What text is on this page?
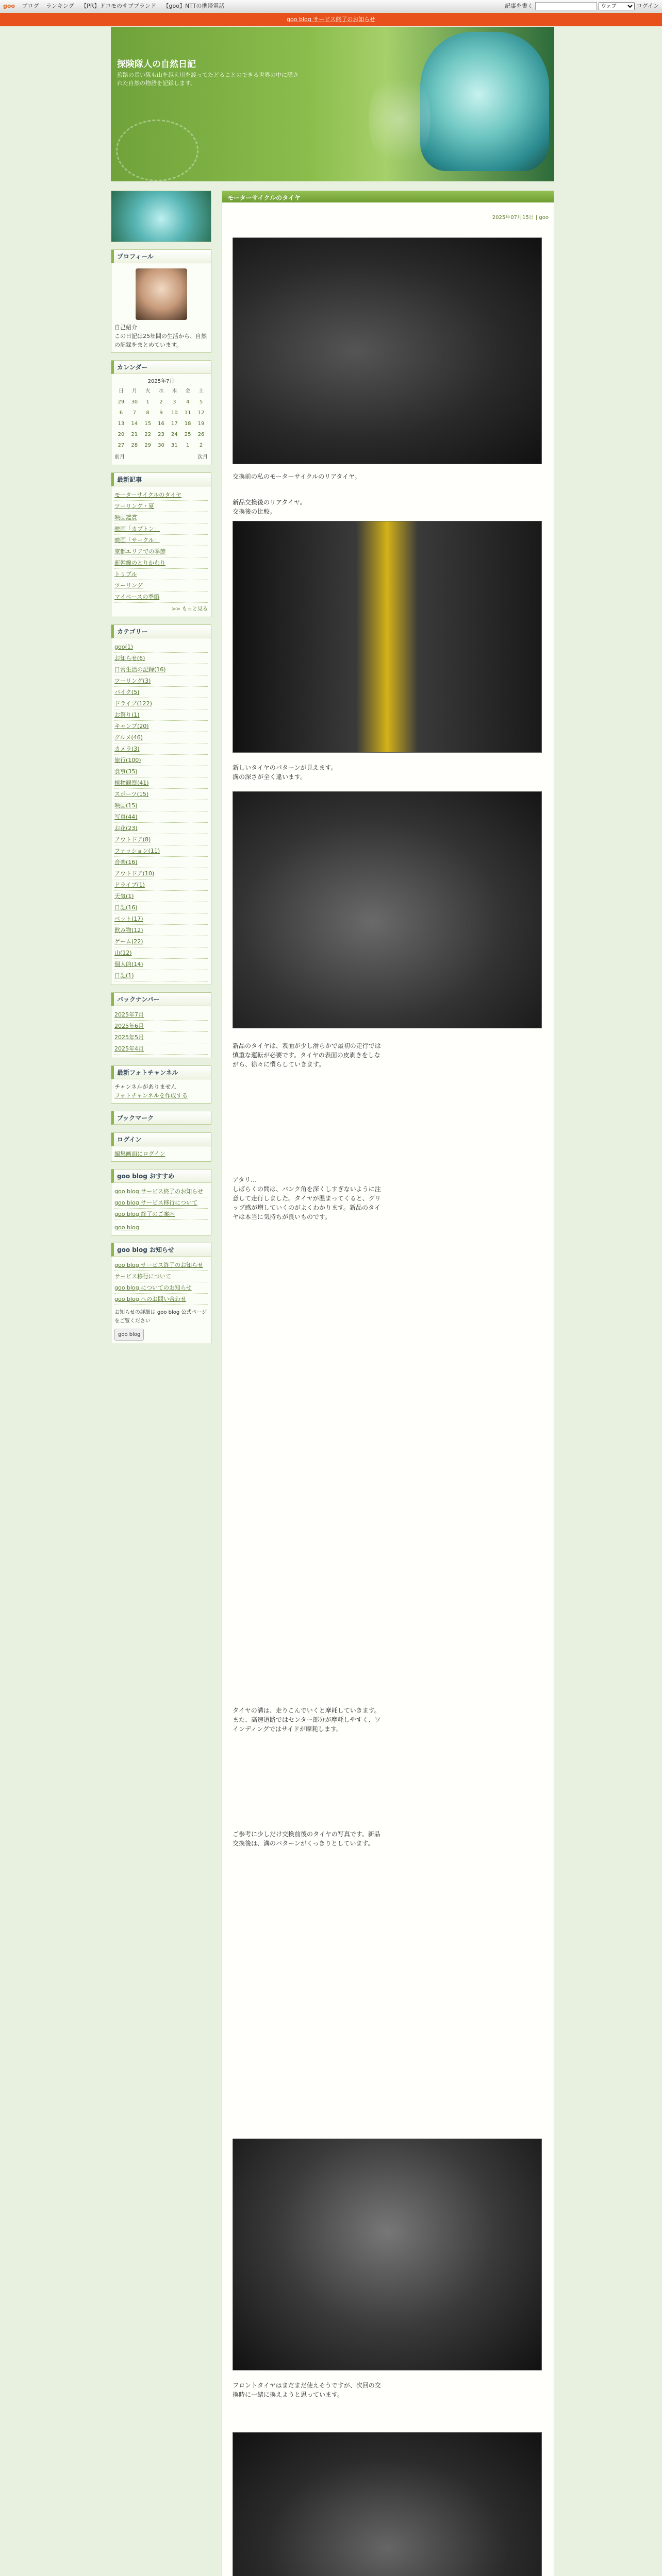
goo ブログ ランキング 【PR】ドコモのサブブランド 【goo】NTTの携帯電話	記事を書く
ウェブ	ログイン
goo blog サービス終了のお知らせ
探険隊人の自然日記
旅路の長い隊も山を越え川を渡ってたどることのできる世界の中に隠された自然の物語を記録します。
プロフィール
自己紹介
この日記は25年間の生活から、自然の記録をまとめています。
カレンダー
2025年7月
日	月	火	水	木	金	土
29	30	1	2	3	4	5
6	7	8	9	10	11	12
13	14	15	16	17	18	19
20	21	22	23	24	25	26
27	28	29	30	31	1	2
前月	次月
最新記事
モーターサイクルのタイヤ
ツーリング・夏
映画鑑賞
映画「カブトン」
映画「サークル」
京都エリアでの季節
新幹線のとりかわり
トリブル
ツーリング
マイペースの季節
>> もっと見る
カテゴリー
goo(1)
お知らせ(6)
日常生活の記録(16)
ツーリング(3)
バイク(5)
ドライブ(122)
お祭り(1)
キャンプ(20)
グルメ(46)
カメラ(3)
旅行(100)
食事(35)
植物観察(41)
スポーツ(15)
映画(15)
写真(44)
お花(23)
アウトドア(8)
ファッション(11)
音楽(16)
アウトドア(10)
ドライブ(1)
天気(1)
日記(16)
ペット(17)
飲み物(12)
ゲーム(22)
山(12)
個人的(14)
日記(1)
バックナンバー
2025年7月
2025年6月
2025年5月
2025年4月
最新フォトチャンネル
チャンネルがありません
フォトチャンネルを作成する
ブックマーク
ログイン
編集画面にログイン
goo blog おすすめ
goo blog サービス終了のお知らせ
goo blog サービス移行について
goo blog 終了のご案内
goo blog
goo blog お知らせ
goo blog サービス終了のお知らせ
サービス移行について
goo blog についてのお知らせ
goo blog へのお問い合わせ
お知らせの詳細は goo blog 公式ページをご覧ください
goo blog
モーターサイクルのタイヤ
2025年07月15日 | goo
交換前の私のモーターサイクルのリアタイヤ。
新品交換後のリアタイヤ。
交換後の比較。
新しいタイヤのパターンが見えます。
溝の深さが全く違います。
新品のタイヤは、表面が少し滑らかで最初の走行では慎重な運転が必要です。タイヤの表面の皮剥きをしながら、徐々に慣らしていきます。
アタリ…
しばらくの間は、バンク角を深くしすぎないように注意して走行しました。タイヤが温まってくると、グリップ感が増していくのがよくわかります。新品のタイヤは本当に気持ちが良いものです。
タイヤの溝は、走りこんでいくと摩耗していきます。
また、高速道路ではセンター部分が摩耗しやすく、ワインディングではサイドが摩耗します。
ご参考に少しだけ交換前後のタイヤの写真です。新品交換後は、溝のパターンがくっきりとしています。
フロントタイヤはまだまだ使えそうですが、次回の交換時に一緒に換えようと思っています。
